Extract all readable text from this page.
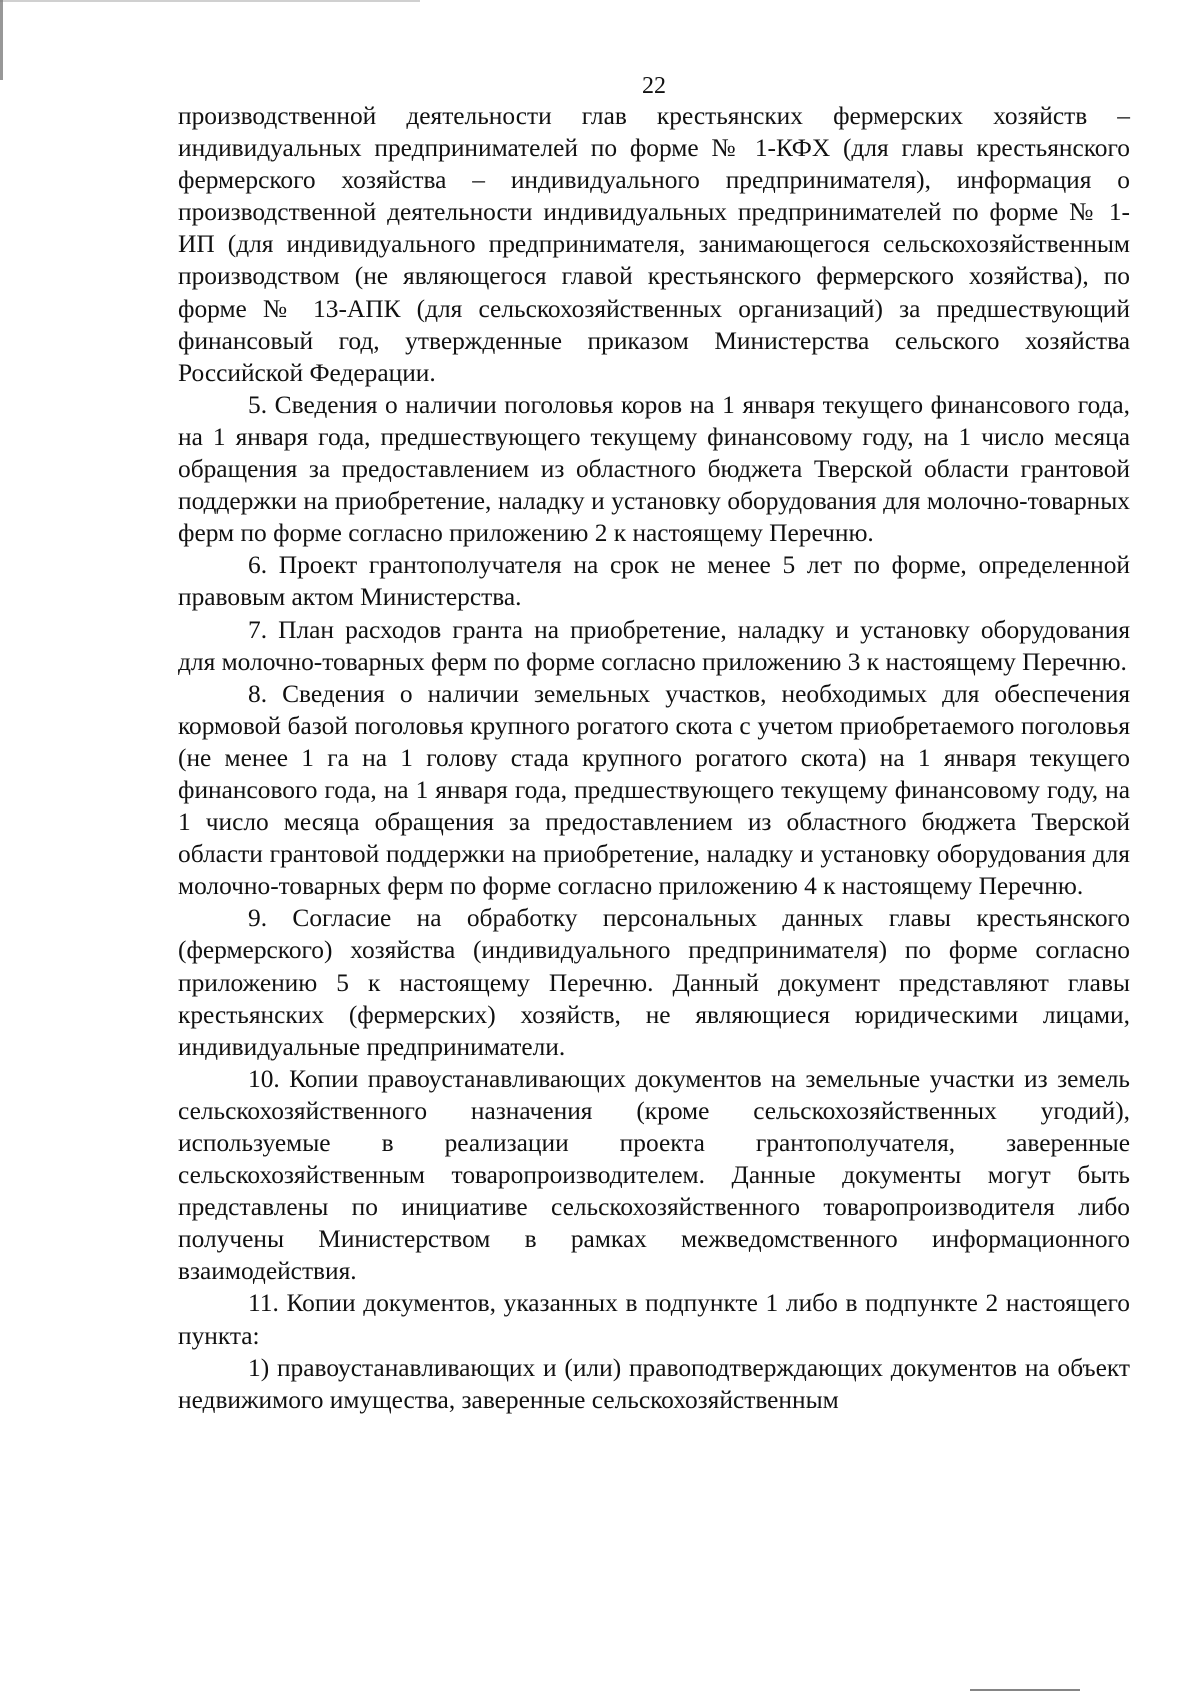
22

производственной деятельности глав крестьянских фермерских хозяйств – индивидуальных предпринимателей по форме № 1-КФХ (для главы крестьянского фермерского хозяйства – индивидуального предпринимателя), информация о производственной деятельности индивидуальных предпринимателей по форме № 1-ИП (для индивидуального предпринимателя, занимающегося сельскохозяйственным производством (не являющегося главой крестьянского фермерского хозяйства), по форме № 13-АПК (для сельскохозяйственных организаций) за предшествующий финансовый год, утвержденные приказом Министерства сельского хозяйства Российской Федерации.

5. Сведения о наличии поголовья коров на 1 января текущего финансового года, на 1 января года, предшествующего текущему финансовому году, на 1 число месяца обращения за предоставлением из областного бюджета Тверской области грантовой поддержки на приобретение, наладку и установку оборудования для молочно-товарных ферм по форме согласно приложению 2 к настоящему Перечню.

6. Проект грантополучателя на срок не менее 5 лет по форме, определенной правовым актом Министерства.

7. План расходов гранта на приобретение, наладку и установку оборудования для молочно-товарных ферм по форме согласно приложению 3 к настоящему Перечню.

8. Сведения о наличии земельных участков, необходимых для обеспечения кормовой базой поголовья крупного рогатого скота с учетом приобретаемого поголовья (не менее 1 га на 1 голову стада крупного рогатого скота) на 1 января текущего финансового года, на 1 января года, предшествующего текущему финансовому году, на 1 число месяца обращения за предоставлением из областного бюджета Тверской области грантовой поддержки на приобретение, наладку и установку оборудования для молочно-товарных ферм по форме согласно приложению 4 к настоящему Перечню.

9. Согласие на обработку персональных данных главы крестьянского (фермерского) хозяйства (индивидуального предпринимателя) по форме согласно приложению 5 к настоящему Перечню. Данный документ представляют главы крестьянских (фермерских) хозяйств, не являющиеся юридическими лицами, индивидуальные предприниматели.

10. Копии правоустанавливающих документов на земельные участки из земель сельскохозяйственного назначения (кроме сельскохозяйственных угодий), используемые в реализации проекта грантополучателя, заверенные сельскохозяйственным товаропроизводителем. Данные документы могут быть представлены по инициативе сельскохозяйственного товаропроизводителя либо получены Министерством в рамках межведомственного информационного взаимодействия.

11. Копии документов, указанных в подпункте 1 либо в подпункте 2 настоящего пункта:

1) правоустанавливающих и (или) правоподтверждающих документов на объект недвижимого имущества, заверенные сельскохозяйственным
